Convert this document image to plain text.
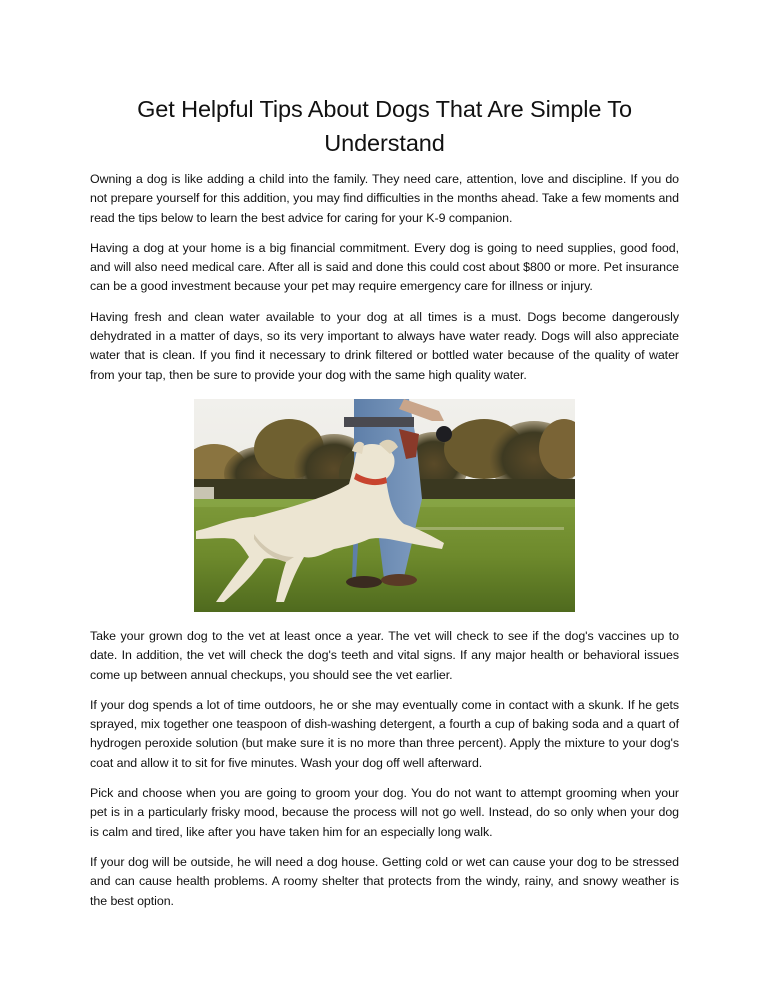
Get Helpful Tips About Dogs That Are Simple To Understand

Owning a dog is like adding a child into the family. They need care, attention, love and discipline. If you do not prepare yourself for this addition, you may find difficulties in the months ahead. Take a few moments and read the tips below to learn the best advice for caring for your K-9 companion.

Having a dog at your home is a big financial commitment. Every dog is going to need supplies, good food, and will also need medical care. After all is said and done this could cost about $800 or more. Pet insurance can be a good investment because your pet may require emergency care for illness or injury.

Having fresh and clean water available to your dog at all times is a must. Dogs become dangerously dehydrated in a matter of days, so its very important to always have water ready. Dogs will also appreciate water that is clean. If you find it necessary to drink filtered or bottled water because of the quality of water from your tap, then be sure to provide your dog with the same high quality water.

Take your grown dog to the vet at least once a year. The vet will check to see if the dog's vaccines up to date. In addition, the vet will check the dog's teeth and vital signs. If any major health or behavioral issues come up between annual checkups, you should see the vet earlier.

If your dog spends a lot of time outdoors, he or she may eventually come in contact with a skunk. If he gets sprayed, mix together one teaspoon of dish-washing detergent, a fourth a cup of baking soda and a quart of hydrogen peroxide solution (but make sure it is no more than three percent). Apply the mixture to your dog's coat and allow it to sit for five minutes. Wash your dog off well afterward.

Pick and choose when you are going to groom your dog. You do not want to attempt grooming when your pet is in a particularly frisky mood, because the process will not go well. Instead, do so only when your dog is calm and tired, like after you have taken him for an especially long walk.

If your dog will be outside, he will need a dog house. Getting cold or wet can cause your dog to be stressed and can cause health problems. A roomy shelter that protects from the windy, rainy, and snowy weather is the best option.
